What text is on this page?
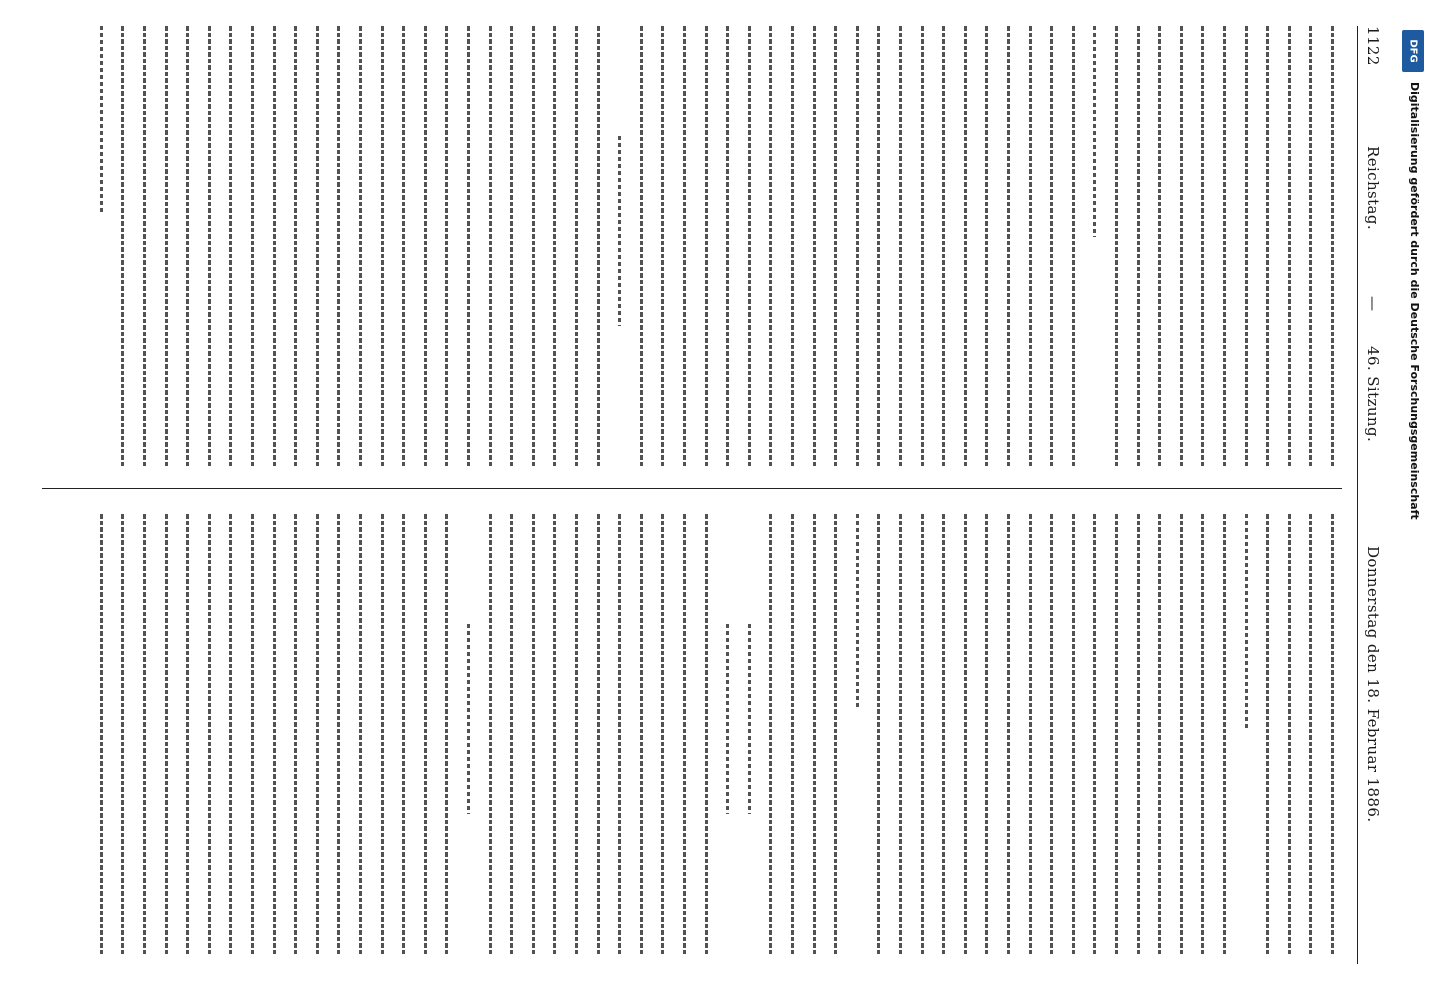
1122
Reichstag.
—
46. Sitzung.
Donnerstag den 18. Februar 1886.
DFG
Digitalisierung gefördert durch die Deutsche Forschungsgemeinschaft
